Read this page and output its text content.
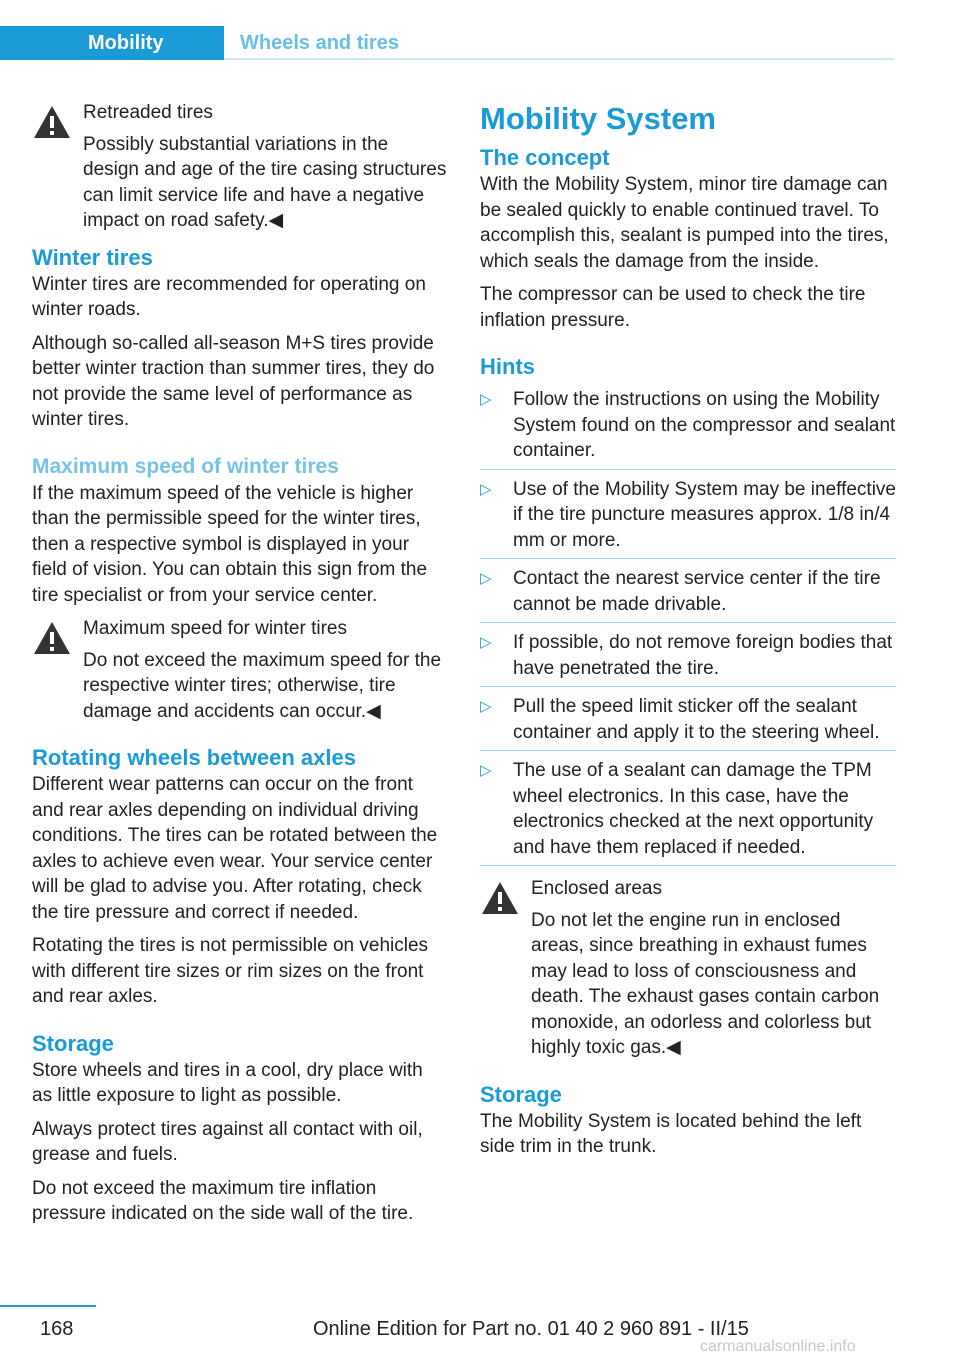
Mobility	Wheels and tires
Retreaded tires

Possibly substantial variations in the design and age of the tire casing structures can limit service life and have a negative impact on road safety.◀

Winter tires

Winter tires are recommended for operating on winter roads.

Although so-called all-season M+S tires provide better winter traction than summer tires, they do not provide the same level of performance as winter tires.

Maximum speed of winter tires

If the maximum speed of the vehicle is higher than the permissible speed for the winter tires, then a respective symbol is displayed in your field of vision. You can obtain this sign from the tire specialist or from your service center.

Maximum speed for winter tires

Do not exceed the maximum speed for the respective winter tires; otherwise, tire damage and accidents can occur.◀

Rotating wheels between axles

Different wear patterns can occur on the front and rear axles depending on individual driving conditions. The tires can be rotated between the axles to achieve even wear. Your service center will be glad to advise you. After rotating, check the tire pressure and correct if needed.

Rotating the tires is not permissible on vehicles with different tire sizes or rim sizes on the front and rear axles.

Storage

Store wheels and tires in a cool, dry place with as little exposure to light as possible.

Always protect tires against all contact with oil, grease and fuels.

Do not exceed the maximum tire inflation pressure indicated on the side wall of the tire.

Mobility System
The concept

With the Mobility System, minor tire damage can be sealed quickly to enable continued travel. To accomplish this, sealant is pumped into the tires, which seals the damage from the inside.

The compressor can be used to check the tire inflation pressure.

Hints
▷ Follow the instructions on using the Mobility System found on the compressor and sealant container.
▷ Use of the Mobility System may be ineffective if the tire puncture measures approx. 1/8 in/4 mm or more.
▷ Contact the nearest service center if the tire cannot be made drivable.
▷ If possible, do not remove foreign bodies that have penetrated the tire.
▷ Pull the speed limit sticker off the sealant container and apply it to the steering wheel.
▷ The use of a sealant can damage the TPM wheel electronics. In this case, have the electronics checked at the next opportunity and have them replaced if needed.
Enclosed areas

Do not let the engine run in enclosed areas, since breathing in exhaust fumes may lead to loss of consciousness and death. The exhaust gases contain carbon monoxide, an odorless and colorless but highly toxic gas.◀

Storage

The Mobility System is located behind the left side trim in the trunk.

168	Online Edition for Part no. 01 40 2 960 891 - II/15
carmanualsonline.info
